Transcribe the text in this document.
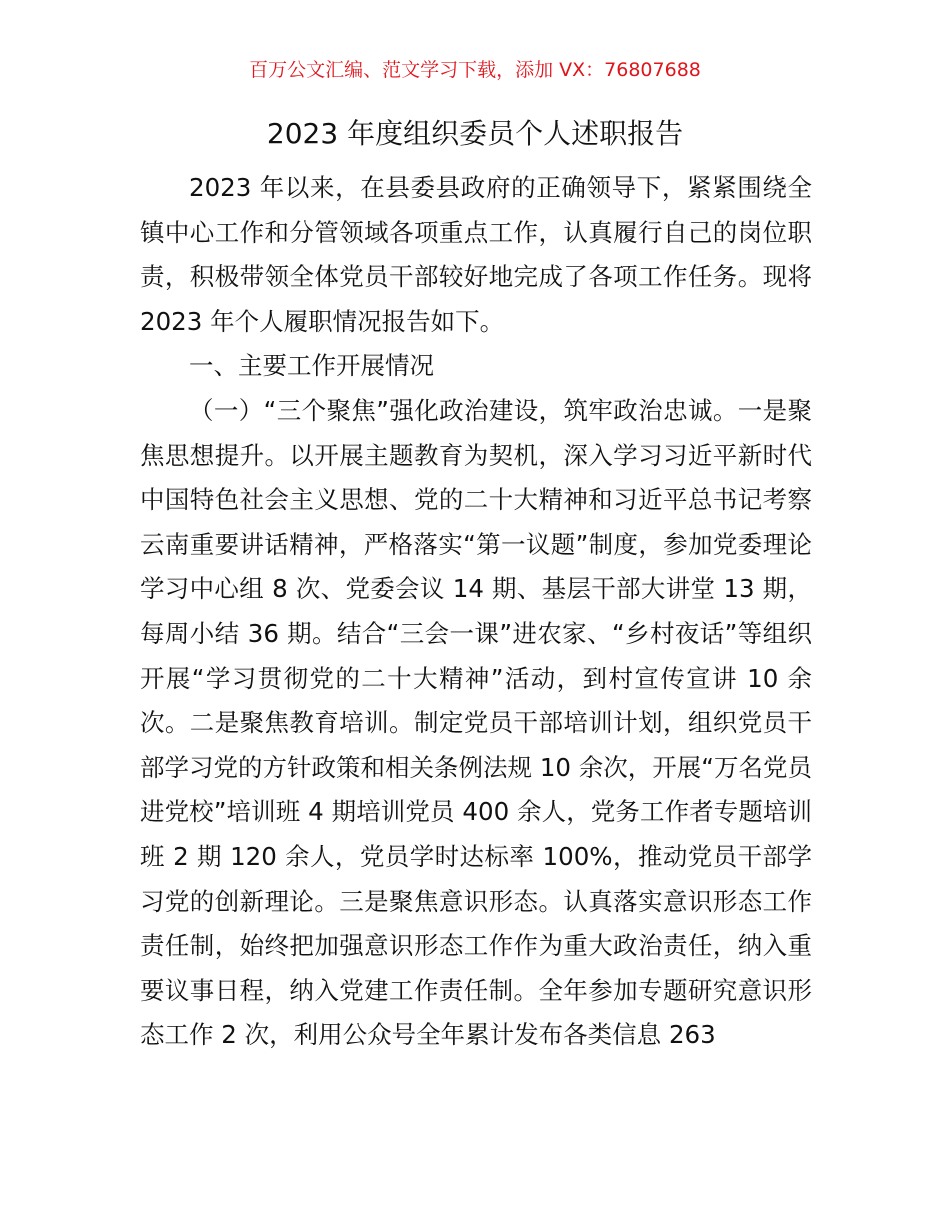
百万公文汇编、范文学习下载，添加 VX：76807688
2023 年度组织委员个人述职报告

2023 年以来，在县委县政府的正确领导下，紧紧围绕全镇中心工作和分管领域各项重点工作，认真履行自己的岗位职责，积极带领全体党员干部较好地完成了各项工作任务。现将 2023 年个人履职情况报告如下。

一、主要工作开展情况

（一）“三个聚焦”强化政治建设，筑牢政治忠诚。一是聚焦思想提升。以开展主题教育为契机，深入学习习近平新时代中国特色社会主义思想、党的二十大精神和习近平总书记考察云南重要讲话精神，严格落实“第一议题”制度，参加党委理论学习中心组 8 次、党委会议 14 期、基层干部大讲堂 13 期，每周小结 36 期。结合“三会一课”进农家、“乡村夜话”等组织开展“学习贯彻党的二十大精神”活动，到村宣传宣讲 10 余次。二是聚焦教育培训。制定党员干部培训计划，组织党员干部学习党的方针政策和相关条例法规 10 余次，开展“万名党员进党校”培训班 4 期培训党员 400 余人，党务工作者专题培训班 2 期 120 余人，党员学时达标率 100%，推动党员干部学习党的创新理论。三是聚焦意识形态。认真落实意识形态工作责任制，始终把加强意识形态工作作为重大政治责任，纳入重要议事日程，纳入党建工作责任制。全年参加专题研究意识形态工作 2 次，利用公众号全年累计发布各类信息 263
